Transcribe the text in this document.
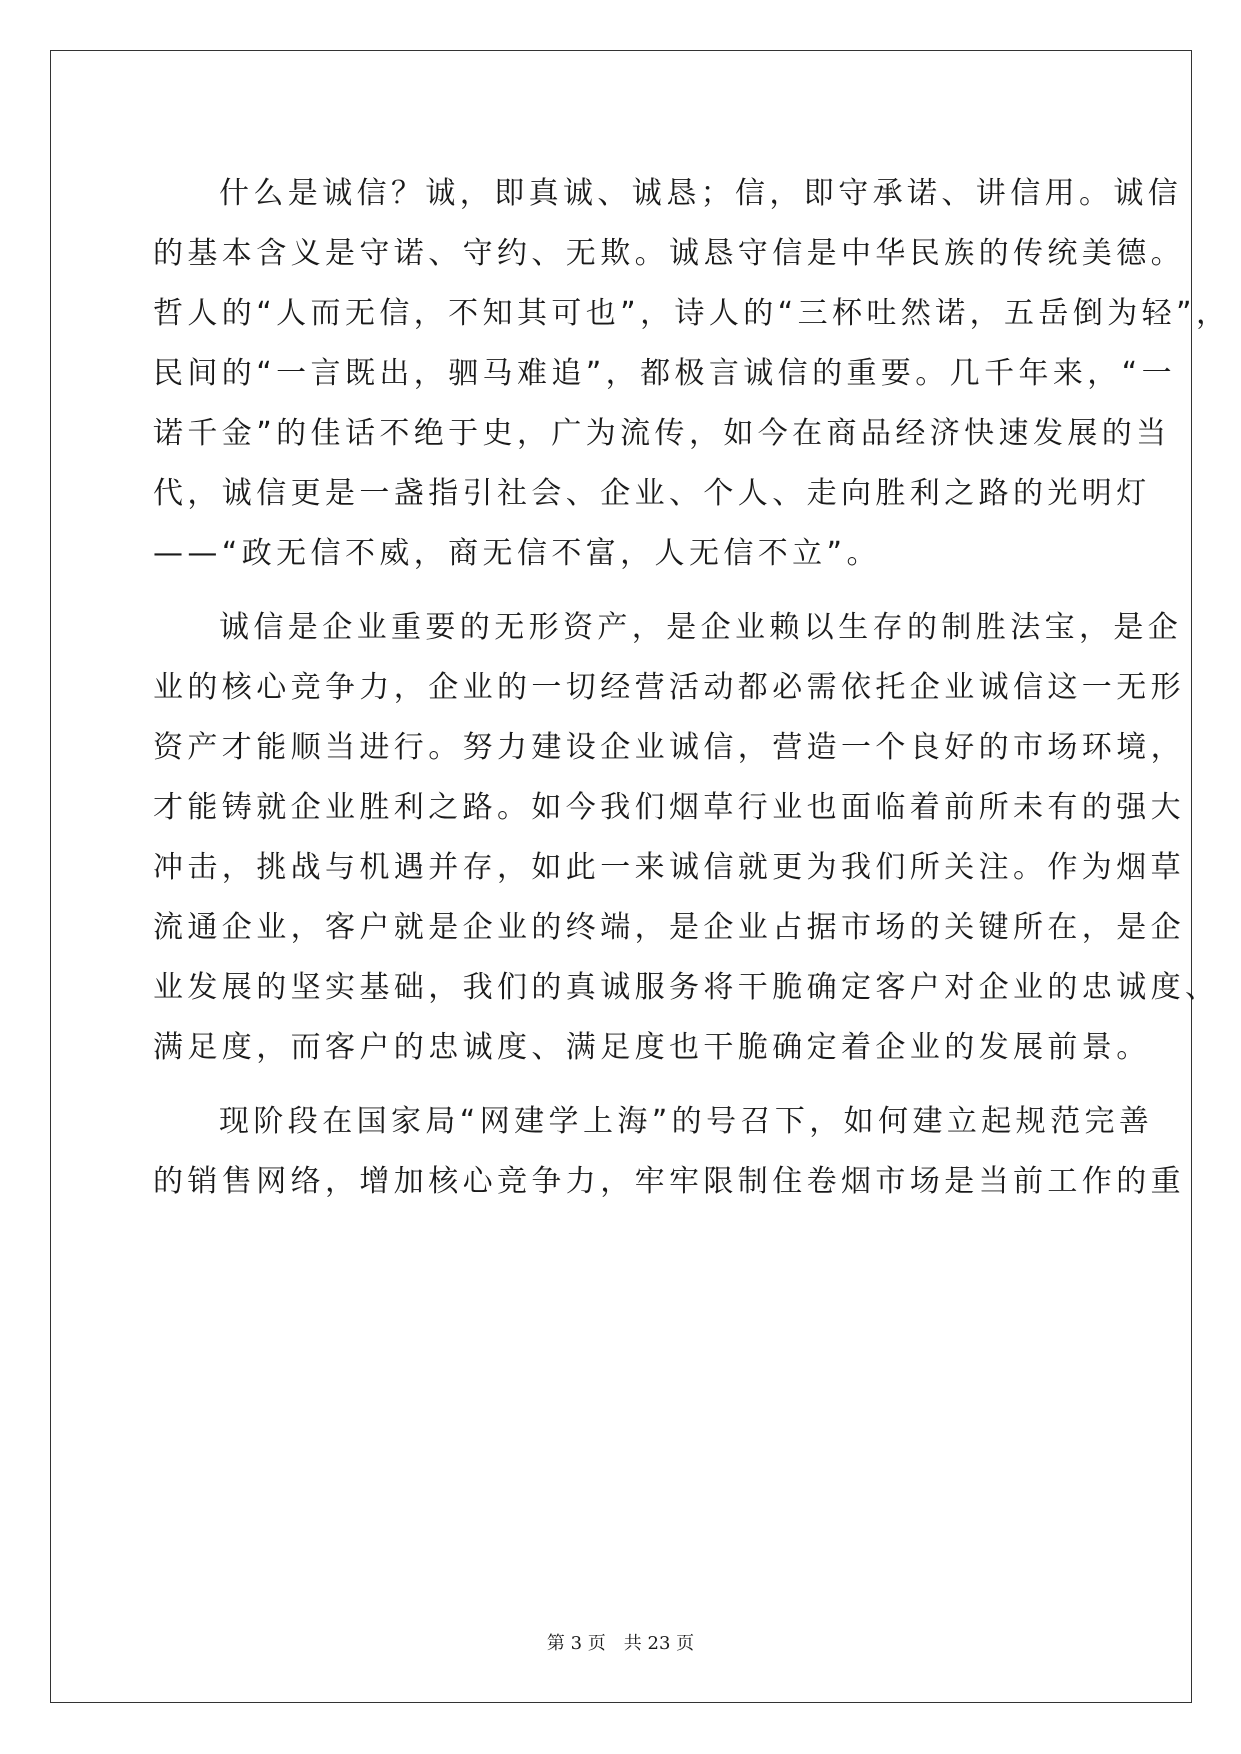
什么是诚信？诚，即真诚、诚恳；信，即守承诺、讲信用。诚信
的基本含义是守诺、守约、无欺。诚恳守信是中华民族的传统美德。
哲人的“人而无信，不知其可也”，诗人的“三杯吐然诺，五岳倒为轻”，
民间的“一言既出，驷马难追”，都极言诚信的重要。几千年来，“一
诺千金”的佳话不绝于史，广为流传，如今在商品经济快速发展的当
代，诚信更是一盏指引社会、企业、个人、走向胜利之路的光明灯
——“政无信不威，商无信不富，人无信不立”。
诚信是企业重要的无形资产，是企业赖以生存的制胜法宝，是企
业的核心竞争力，企业的一切经营活动都必需依托企业诚信这一无形
资产才能顺当进行。努力建设企业诚信，营造一个良好的市场环境，
才能铸就企业胜利之路。如今我们烟草行业也面临着前所未有的强大
冲击，挑战与机遇并存，如此一来诚信就更为我们所关注。作为烟草
流通企业，客户就是企业的终端，是企业占据市场的关键所在，是企
业发展的坚实基础，我们的真诚服务将干脆确定客户对企业的忠诚度、
满足度，而客户的忠诚度、满足度也干脆确定着企业的发展前景。
现阶段在国家局“网建学上海”的号召下，如何建立起规范完善
的销售网络，增加核心竞争力，牢牢限制住卷烟市场是当前工作的重
第 3 页　共 23 页
